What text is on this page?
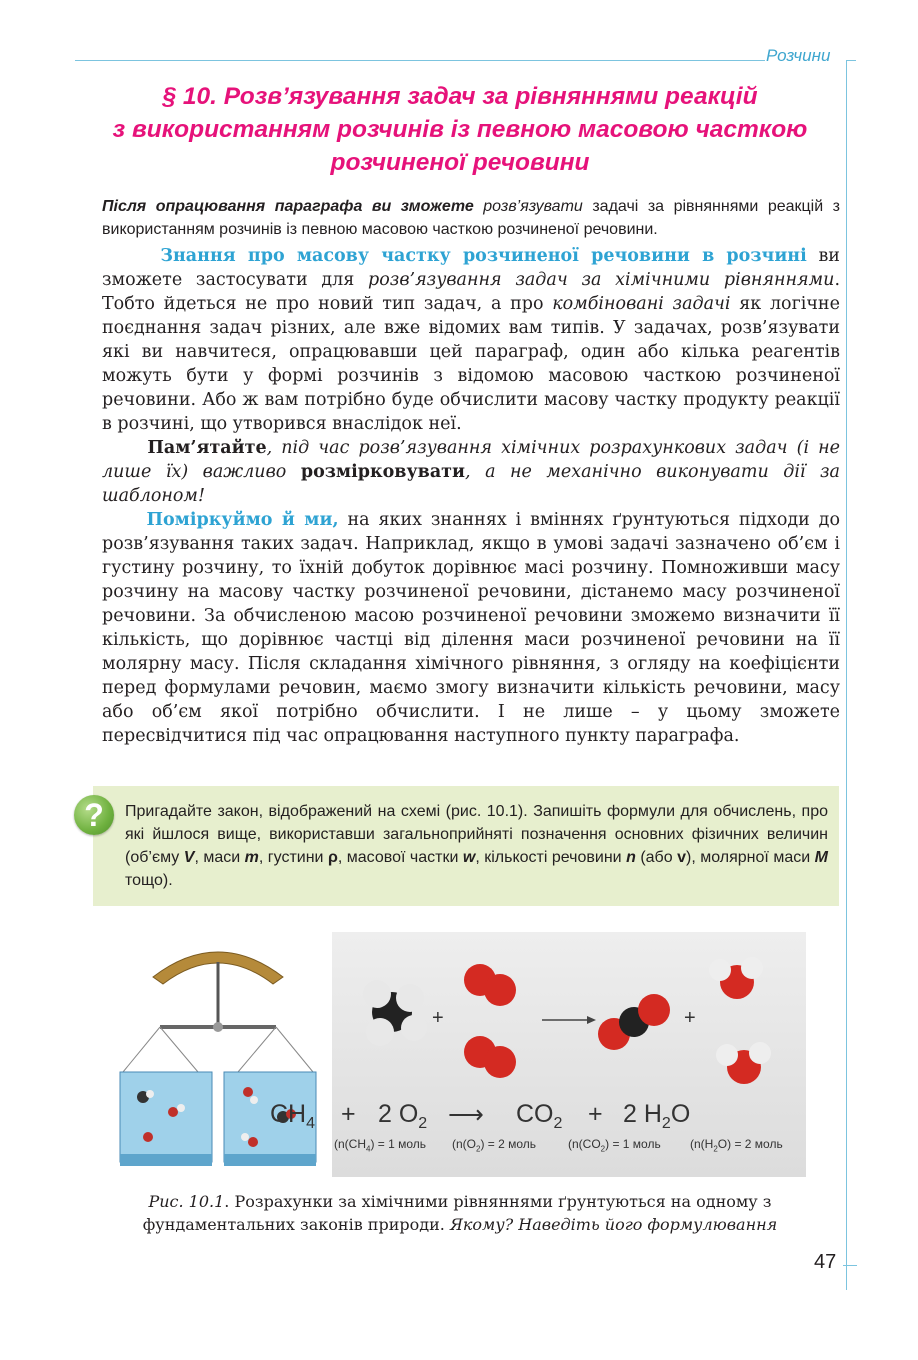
Розчини
§ 10. Розв’язування задач за рівняннями реакцій
з використанням розчинів із певною масовою часткою
розчиненої речовини

Після опрацювання параграфа ви зможете розв’язувати задачі за рівняннями реакцій з використанням розчинів із певною масовою часткою розчиненої речовини.

Знання про масову частку розчиненої речовини в розчині ви зможете застосувати для розв’язування задач за хімічними рівняннями. Тобто йдеться не про новий тип задач, а про комбіновані задачі як логічне поєднання задач різних, але вже відомих вам типів. У задачах, розв’язувати які ви навчитеся, опрацювавши цей параграф, один або кілька реагентів можуть бути у формі розчинів з відомою масовою часткою розчиненої речовини. Або ж вам потрібно буде обчислити масову частку продукту реакції в розчині, що утворився внаслідок неї.

Пам’ятайте, під час розв’язування хімічних розрахункових задач (і не лише їх) важливо розмірковувати, а не механічно виконувати дії за шаблоном!

Поміркуймо й ми, на яких знаннях і вміннях ґрунтуються підходи до розв’язування таких задач. Наприклад, якщо в умові задачі зазначено об’єм і густину розчину, то їхній добуток дорівнює масі розчину. Помноживши масу розчину на масову частку розчиненої речовини, дістанемо масу розчиненої речовини. За обчисленою масою розчиненої речовини зможемо визначити її кількість, що дорівнює частці від ділення маси розчиненої речовини на її молярну масу. Після складання хімічного рівняння, з огляду на коефіцієнти перед формулами речовин, маємо змогу визначити кількість речовини, масу або об’єм якої потрібно обчислити. І не лише – у цьому зможете пересвідчитися під час опрацювання наступного пункту параграфа.

?	Пригадайте закон, відображений на схемі (рис. 10.1). Запишіть формули для обчислень, про які йшлося вище, використавши загальноприйняті позначення основних фізичних величин (об’єму V, маси m, густини ρ, масової частки w, кількості речовини n (або v), молярної маси M тощо).

+	+
$CH_4 + 2$ $O_2$ ⟶ $CO_2 + 2$ $H_2O$
($n(CH_4) = 1$ моль ($n(O_2) = 2$ моль	($n(CO_2) = 1$ моль ($n(H_2O) = 2$ моль

Рис. 10.1. Розрахунки за хімічними рівняннями ґрунтуються на одному з фундаментальних законів природи. Якому? Наведіть його формулювання

47
